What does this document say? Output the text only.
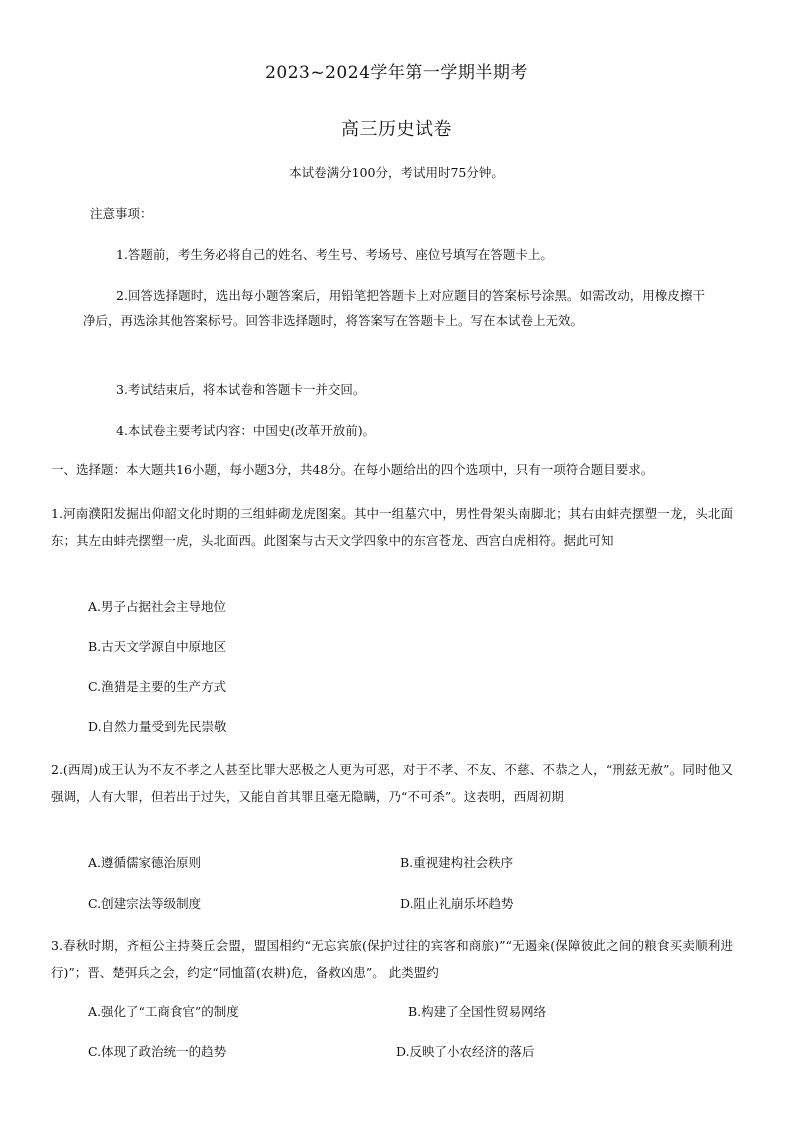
2023~2024学年第一学期半期考
高三历史试卷
本试卷满分100分，考试用时75分钟。
注意事项：
1.答题前，考生务必将自己的姓名、考生号、考场号、座位号填写在答题卡上。
2.回答选择题时，选出每小题答案后，用铅笔把答题卡上对应题目的答案标号涂黑。如需改动，用橡皮擦干净后，再选涂其他答案标号。回答非选择题时，将答案写在答题卡上。写在本试卷上无效。
3.考试结束后，将本试卷和答题卡一并交回。
4.本试卷主要考试内容：中国史(改革开放前)。
一、选择题：本大题共16小题，每小题3分，共48分。在每小题给出的四个选项中，只有一项符合题目要求。
1.河南濮阳发掘出仰韶文化时期的三组蚌砌龙虎图案。其中一组墓穴中，男性骨架头南脚北；其右由蚌壳摆塑一龙，头北面东；其左由蚌壳摆塑一虎，头北面西。此图案与古天文学四象中的东宫苍龙、西宫白虎相符。据此可知
A.男子占据社会主导地位
B.古天文学源自中原地区
C.渔猎是主要的生产方式
D.自然力量受到先民崇敬
2.(西周)成王认为不友不孝之人甚至比罪大恶极之人更为可恶，对于不孝、不友、不慈、不恭之人，“刑兹无赦”。同时他又强调，人有大罪，但若出于过失，又能自首其罪且毫无隐瞒，乃“不可杀”。这表明，西周初期
A.遵循儒家德治原则	B.重视建构社会秩序
C.创建宗法等级制度	D.阻止礼崩乐坏趋势
3.春秋时期，齐桓公主持葵丘会盟，盟国相约“无忘宾旅(保护过往的宾客和商旅)”“无遏籴(保障彼此之间的粮食买卖顺利进行)”；晋、楚弭兵之会，约定“同恤菑(农耕)危，备救凶患”。 此类盟约
A.强化了“工商食官”的制度	B.构建了全国性贸易网络
C.体现了政治统一的趋势	D.反映了小农经济的落后
